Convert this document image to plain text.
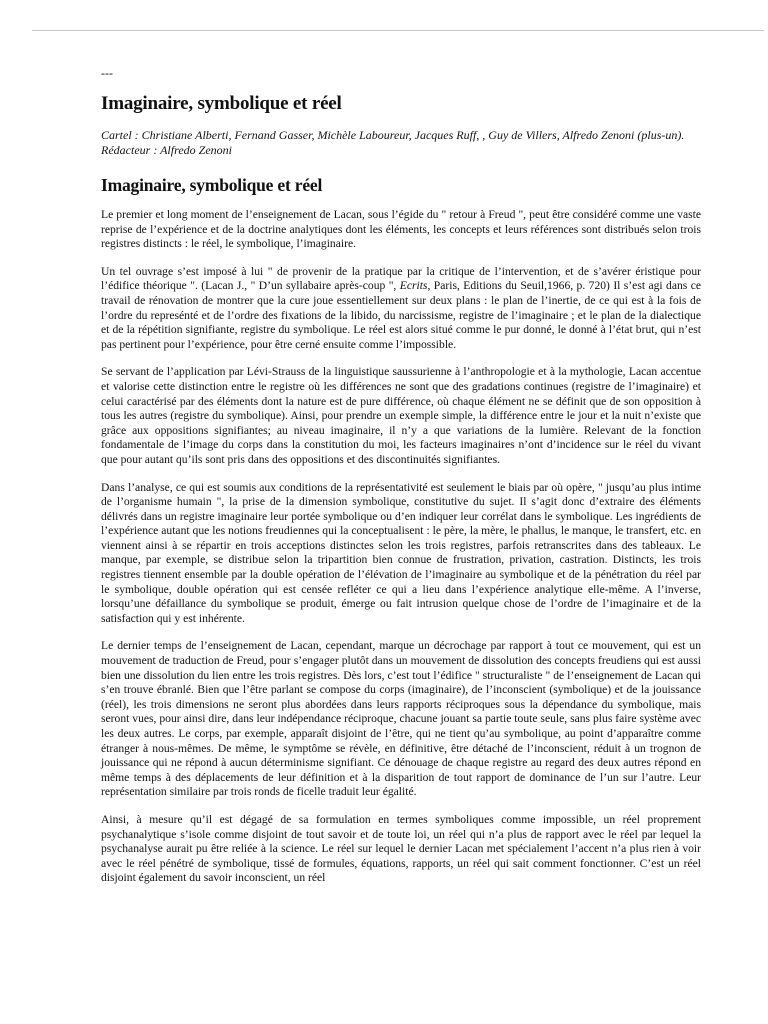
---
Imaginaire, symbolique et réel
Cartel : Christiane Alberti, Fernand Gasser, Michèle Laboureur, Jacques Ruff, , Guy de Villers, Alfredo Zenoni (plus-un). Rédacteur : Alfredo Zenoni
Imaginaire, symbolique et réel

Le premier et long moment de l’enseignement de Lacan, sous l’égide du " retour à Freud ", peut être considéré comme une vaste reprise de l’expérience et de la doctrine analytiques dont les éléments, les concepts et leurs références sont distribués selon trois registres distincts : le réel, le symbolique, l’imaginaire.

Un tel ouvrage s’est imposé à lui " de provenir de la pratique par la critique de l’intervention, et de s’avérer éristique pour l’édifice théorique ". (Lacan J., " D’un syllabaire après-coup ", Ecrits, Paris, Editions du Seuil,1966, p. 720) Il s’est agi dans ce travail de rénovation de montrer que la cure joue essentiellement sur deux plans : le plan de l’inertie, de ce qui est à la fois de l’ordre du represénté et de l’ordre des fixations de la libido, du narcissisme, registre de l’imaginaire ; et le plan de la dialectique et de la répétition signifiante, registre du symbolique. Le réel est alors situé comme le pur donné, le donné à l’état brut, qui n’est pas pertinent pour l’expérience, pour être cerné ensuite comme l’impossible.

Se servant de l’application par Lévi-Strauss de la linguistique saussurienne à l’anthropologie et à la mythologie, Lacan accentue et valorise cette distinction entre le registre où les différences ne sont que des gradations continues (registre de l’imaginaire) et celui caractérisé par des éléments dont la nature est de pure différence, où chaque élément ne se définit que de son opposition à tous les autres (registre du symbolique). Ainsi, pour prendre un exemple simple, la différence entre le jour et la nuit n’existe que grâce aux oppositions signifiantes; au niveau imaginaire, il n’y a que variations de la lumière. Relevant de la fonction fondamentale de l’image du corps dans la constitution du moi, les facteurs imaginaires n’ont d’incidence sur le réel du vivant que pour autant qu’ils sont pris dans des oppositions et des discontinuités signifiantes.

Dans l’analyse, ce qui est soumis aux conditions de la représentativité est seulement le biais par où opère, " jusqu’au plus intime de l’organisme humain ", la prise de la dimension symbolique, constitutive du sujet. Il s’agit donc d’extraire des éléments délivrés dans un registre imaginaire leur portée symbolique ou d’en indiquer leur corrélat dans le symbolique. Les ingrédients de l’expérience autant que les notions freudiennes qui la conceptualisent : le père, la mère, le phallus, le manque, le transfert, etc. en viennent ainsi à se répartir en trois acceptions distinctes selon les trois registres, parfois retranscrites dans des tableaux. Le manque, par exemple, se distribue selon la tripartition bien connue de frustration, privation, castration. Distincts, les trois registres tiennent ensemble par la double opération de l’élévation de l’imaginaire au symbolique et de la pénétration du réel par le symbolique, double opération qui est censée refléter ce qui a lieu dans l’expérience analytique elle-même. A l’inverse, lorsqu’une défaillance du symbolique se produit, émerge ou fait intrusion quelque chose de l’ordre de l’imaginaire et de la satisfaction qui y est inhérente.

Le dernier temps de l’enseignement de Lacan, cependant, marque un décrochage par rapport à tout ce mouvement, qui est un mouvement de traduction de Freud, pour s’engager plutôt dans un mouvement de dissolution des concepts freudiens qui est aussi bien une dissolution du lien entre les trois registres. Dès lors, c’est tout l’édifice " structuraliste " de l’enseignement de Lacan qui s’en trouve ébranlé. Bien que l’être parlant se compose du corps (imaginaire), de l’inconscient (symbolique) et de la jouissance (réel), les trois dimensions ne seront plus abordées dans leurs rapports réciproques sous la dépendance du symbolique, mais seront vues, pour ainsi dire, dans leur indépendance réciproque, chacune jouant sa partie toute seule, sans plus faire système avec les deux autres. Le corps, par exemple, apparaît disjoint de l’être, qui ne tient qu’au symbolique, au point d’apparaître comme étranger à nous-mêmes. De même, le symptôme se révèle, en définitive, être détaché de l’inconscient, réduit à un trognon de jouissance qui ne répond à aucun déterminisme signifiant. Ce dénouage de chaque registre au regard des deux autres répond en même temps à des déplacements de leur définition et à la disparition de tout rapport de dominance de l’un sur l’autre. Leur représentation similaire par trois ronds de ficelle traduit leur égalité.

Ainsi, à mesure qu’il est dégagé de sa formulation en termes symboliques comme impossible, un réel proprement psychanalytique s’isole comme disjoint de tout savoir et de toute loi, un réel qui n’a plus de rapport avec le réel par lequel la psychanalyse aurait pu être reliée à la science. Le réel sur lequel le dernier Lacan met spécialement l’accent n’a plus rien à voir avec le réel pénétré de symbolique, tissé de formules, équations, rapports, un réel qui sait comment fonctionner. C’est un réel disjoint également du savoir inconscient, un réel
